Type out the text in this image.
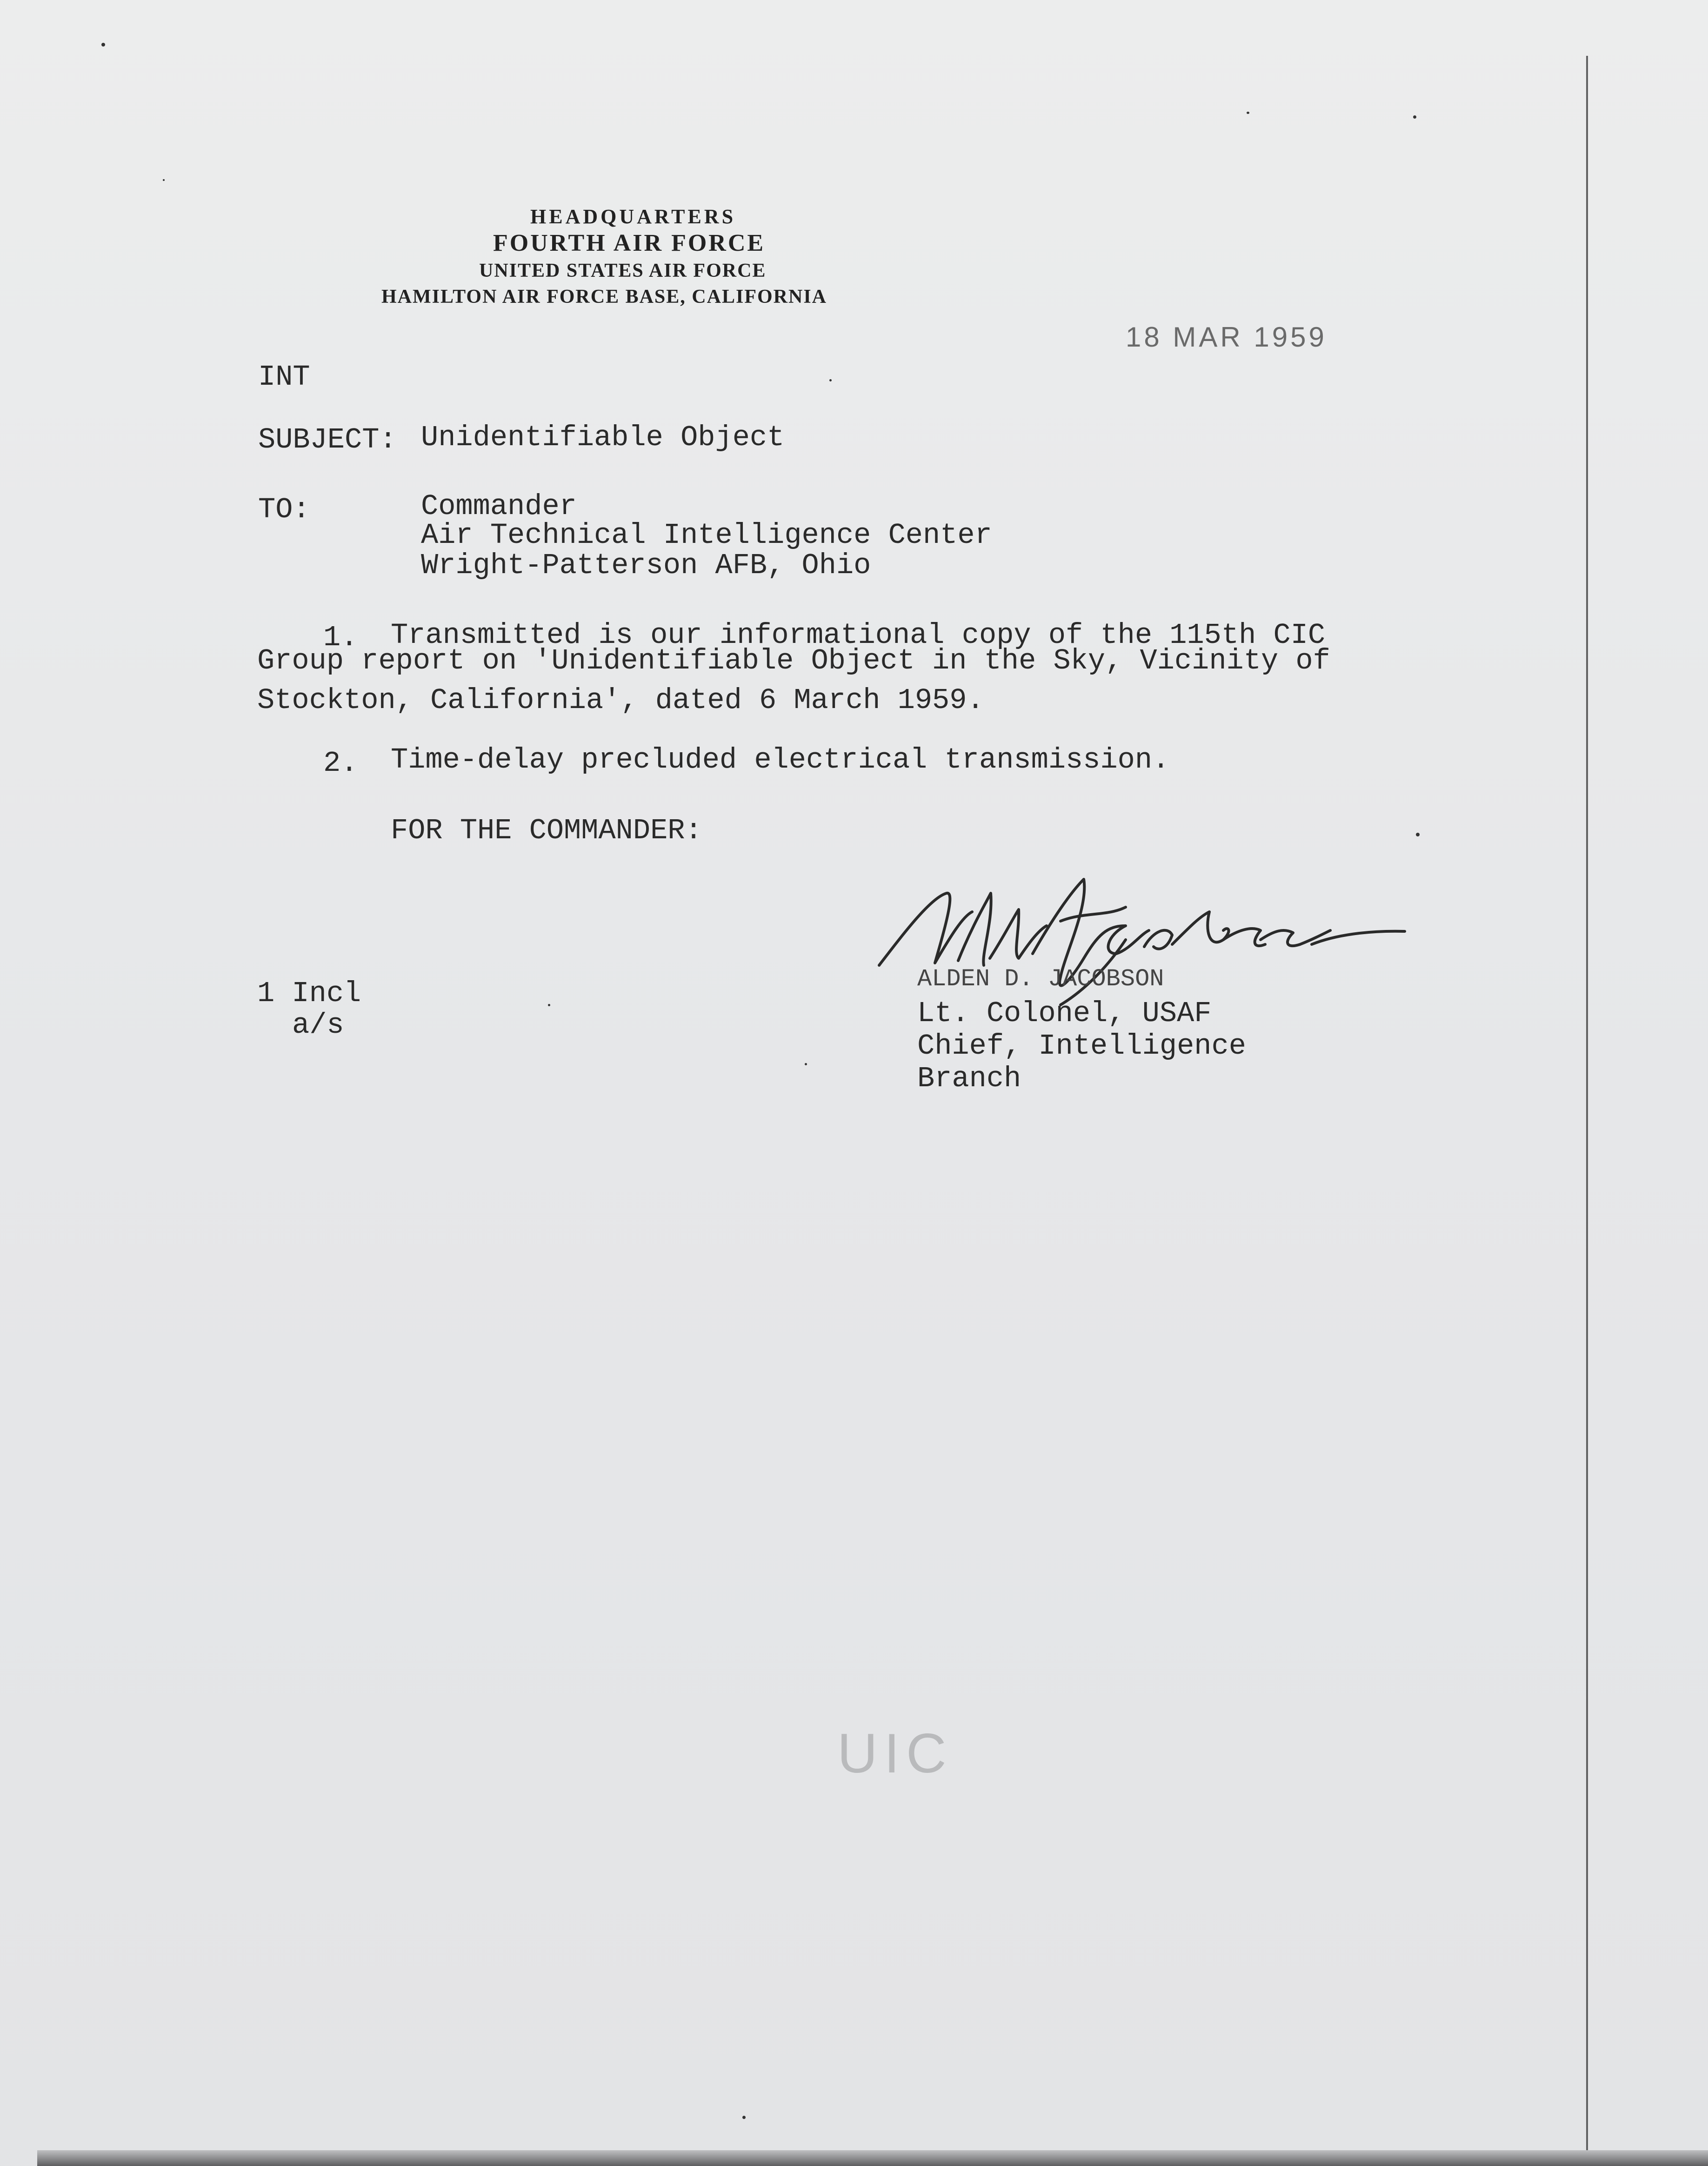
HEADQUARTERS
FOURTH AIR FORCE
UNITED STATES AIR FORCE
HAMILTON AIR FORCE BASE, CALIFORNIA
18 MAR 1959
INT
SUBJECT: Unidentifiable Object
TO:	Commander
Air Technical Intelligence Center
Wright-Patterson AFB, Ohio
1. Transmitted is our informational copy of the 115th CIC
Group report on 'Unidentifiable Object in the Sky, Vicinity of
Stockton, California', dated 6 March 1959.
2. Time-delay precluded electrical transmission.
FOR THE COMMANDER:
ALDEN D. JACOBSON
Lt. Colonel, USAF
Chief, Intelligence
Branch
1 Incl
a/s
UIC
